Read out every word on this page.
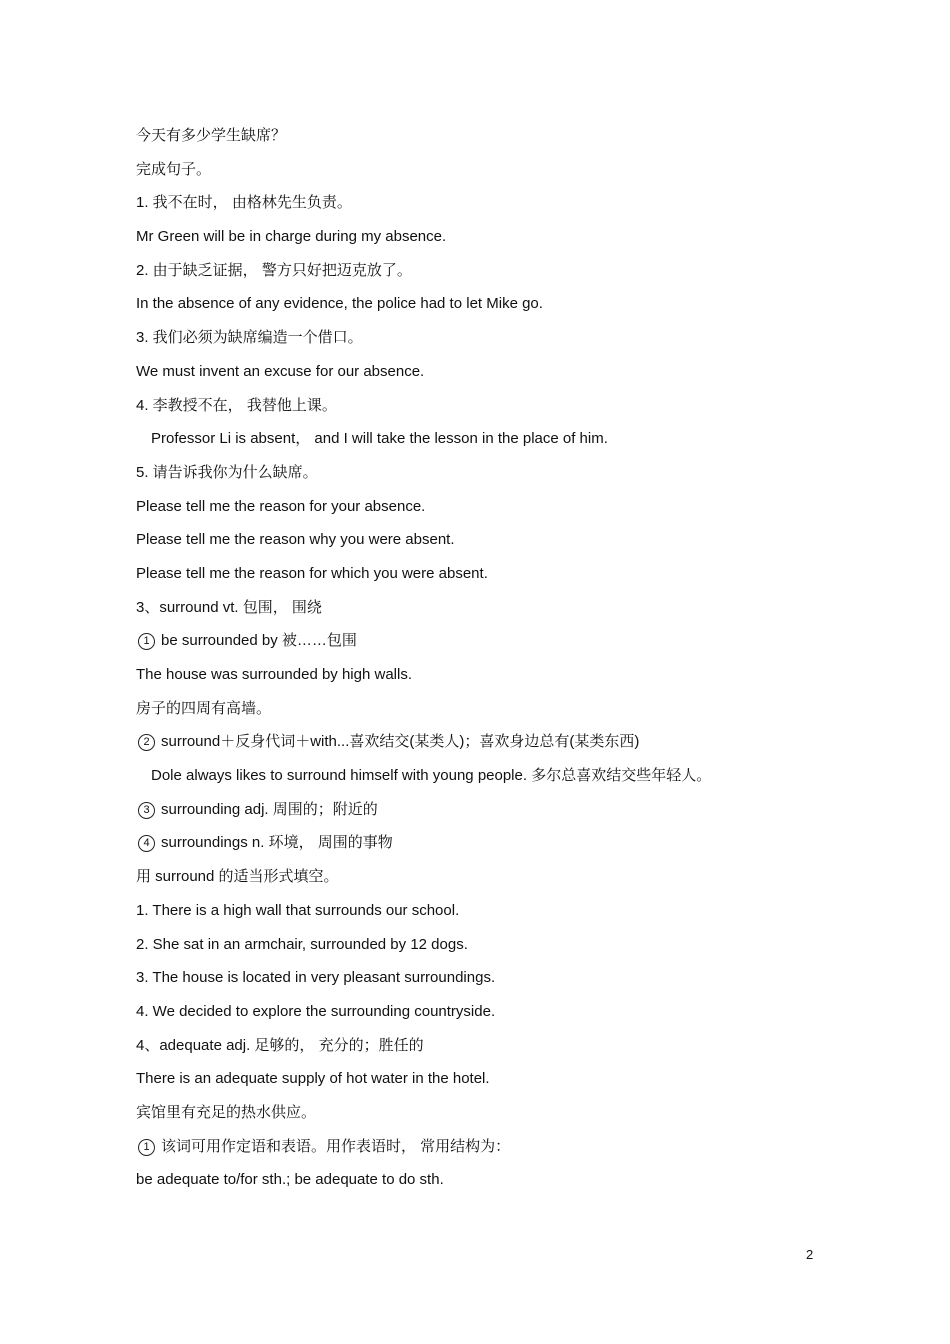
今天有多少学生缺席？
完成句子。
1. 我不在时， 由格林先生负责。
Mr Green will be in charge during my absence.
2. 由于缺乏证据， 警方只好把迈克放了。
In the absence of any evidence, the police had to let Mike go.
3. 我们必须为缺席编造一个借口。
We must invent an excuse for our absence.
4. 李教授不在， 我替他上课。
Professor Li is absent， and I will take the lesson in the place of him.
5. 请告诉我你为什么缺席。
Please tell me the reason for your absence.
Please tell me the reason why you were absent.
Please tell me the reason for which you were absent.
3、surround vt. 包围， 围绕
1 be surrounded by 被……包围
The house was surrounded by high walls.
房子的四周有高墙。
2 surround＋反身代词＋with...喜欢结交(某类人)；喜欢身边总有(某类东西)
Dole always likes to surround himself with young people. 多尔总喜欢结交些年轻人。
3 surrounding adj. 周围的；附近的
4 surroundings n. 环境， 周围的事物
用 surround 的适当形式填空。
1. There is a high wall that surrounds our school.
2. She sat in an armchair, surrounded by 12 dogs.
3. The house is located in very pleasant surroundings.
4. We decided to explore the surrounding countryside.
4、adequate adj. 足够的， 充分的；胜任的
There is an adequate supply of hot water in the hotel.
宾馆里有充足的热水供应。
1 该词可用作定语和表语。用作表语时， 常用结构为：
be adequate to/for sth.; be adequate to do sth.
2
